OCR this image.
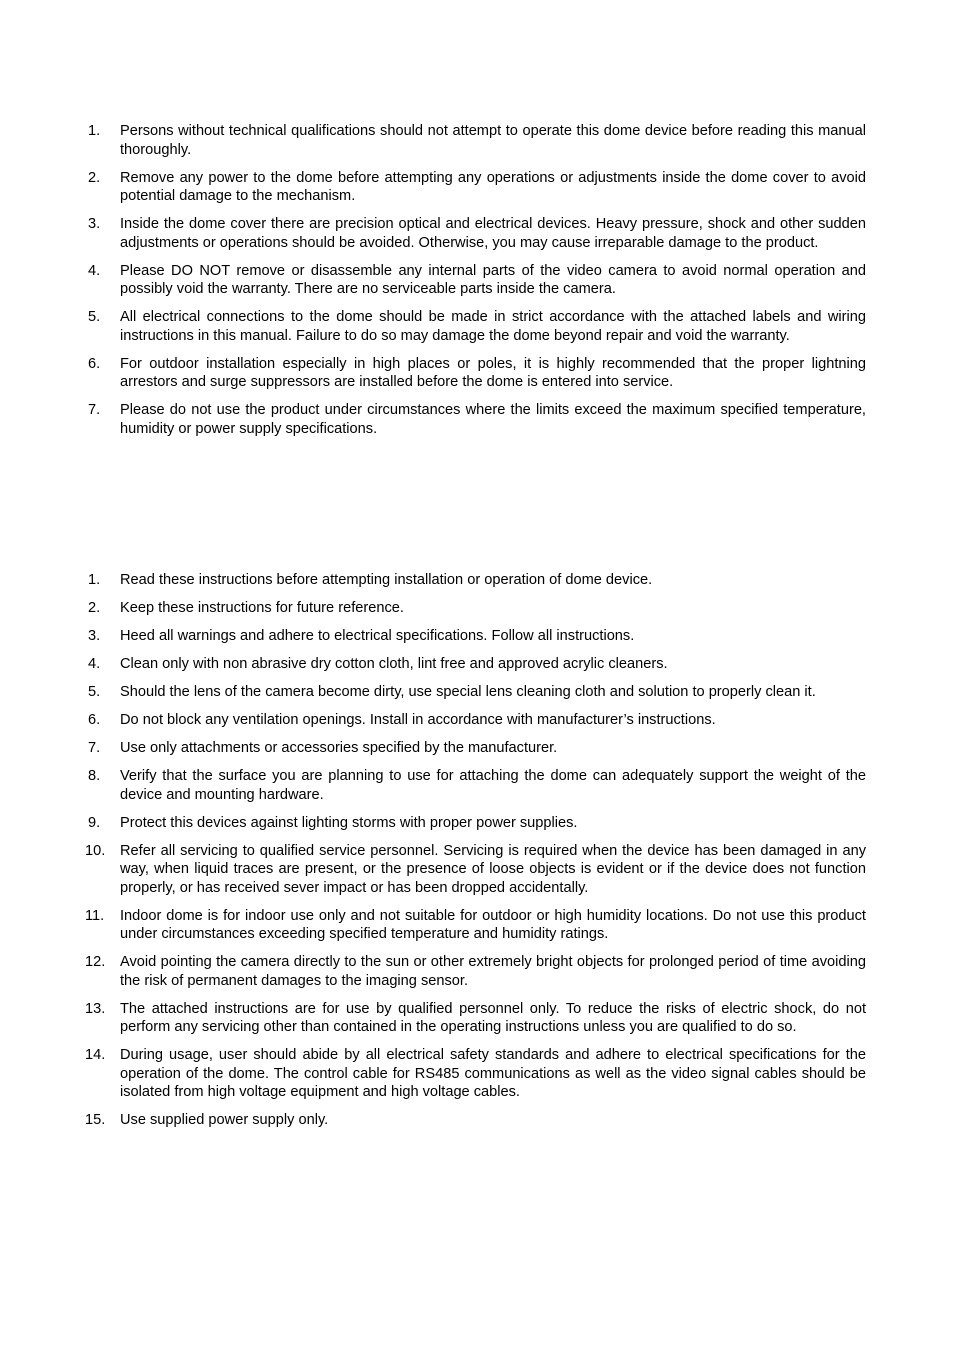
1.	Persons without technical qualifications should not attempt to operate this dome device before reading this manual thoroughly.
2.	Remove any power to the dome before attempting any operations or adjustments inside the dome cover to avoid potential damage to the mechanism.
3.	Inside the dome cover there are precision optical and electrical devices. Heavy pressure, shock and other sudden adjustments or operations should be avoided. Otherwise, you may cause irreparable damage to the product.
4.	Please DO NOT remove or disassemble any internal parts of the video camera to avoid normal operation and possibly void the warranty. There are no serviceable parts inside the camera.
5.	All electrical connections to the dome should be made in strict accordance with the attached labels and wiring instructions in this manual. Failure to do so may damage the dome beyond repair and void the warranty.
6.	For outdoor installation especially in high places or poles, it is highly recommended that the proper lightning arrestors and surge suppressors are installed before the dome is entered into service.
7.	Please do not use the product under circumstances where the limits exceed the maximum specified temperature, humidity or power supply specifications.
1.	Read these instructions before attempting installation or operation of dome device.
2.	Keep these instructions for future reference.
3.	Heed all warnings and adhere to electrical specifications. Follow all instructions.
4.	Clean only with non abrasive dry cotton cloth, lint free and approved acrylic cleaners.
5.	Should the lens of the camera become dirty, use special lens cleaning cloth and solution to properly clean it.
6.	Do not block any ventilation openings. Install in accordance with manufacturer’s instructions.
7.	Use only attachments or accessories specified by the manufacturer.
8.	Verify that the surface you are planning to use for attaching the dome can adequately support the weight of the device and mounting hardware.
9.	Protect this devices against lighting storms with proper power supplies.
10. Refer all servicing to qualified service personnel. Servicing is required when the device has been damaged in any way, when liquid traces are present, or the presence of loose objects is evident or if the device does not function properly, or has received sever impact or has been dropped accidentally.
11.	Indoor dome is for indoor use only and not suitable for outdoor or high humidity locations. Do not use this product under circumstances exceeding specified temperature and humidity ratings.
12. Avoid pointing the camera directly to the sun or other extremely bright objects for prolonged period of time avoiding the risk of permanent damages to the imaging sensor.
13. The attached instructions are for use by qualified personnel only. To reduce the risks of electric shock, do not perform any servicing other than contained in the operating instructions unless you are qualified to do so.
14. During usage, user should abide by all electrical safety standards and adhere to electrical specifications for the operation of the dome. The control cable for RS485 communications as well as the video signal cables should be isolated from high voltage equipment and high voltage cables.
15. Use supplied power supply only.
